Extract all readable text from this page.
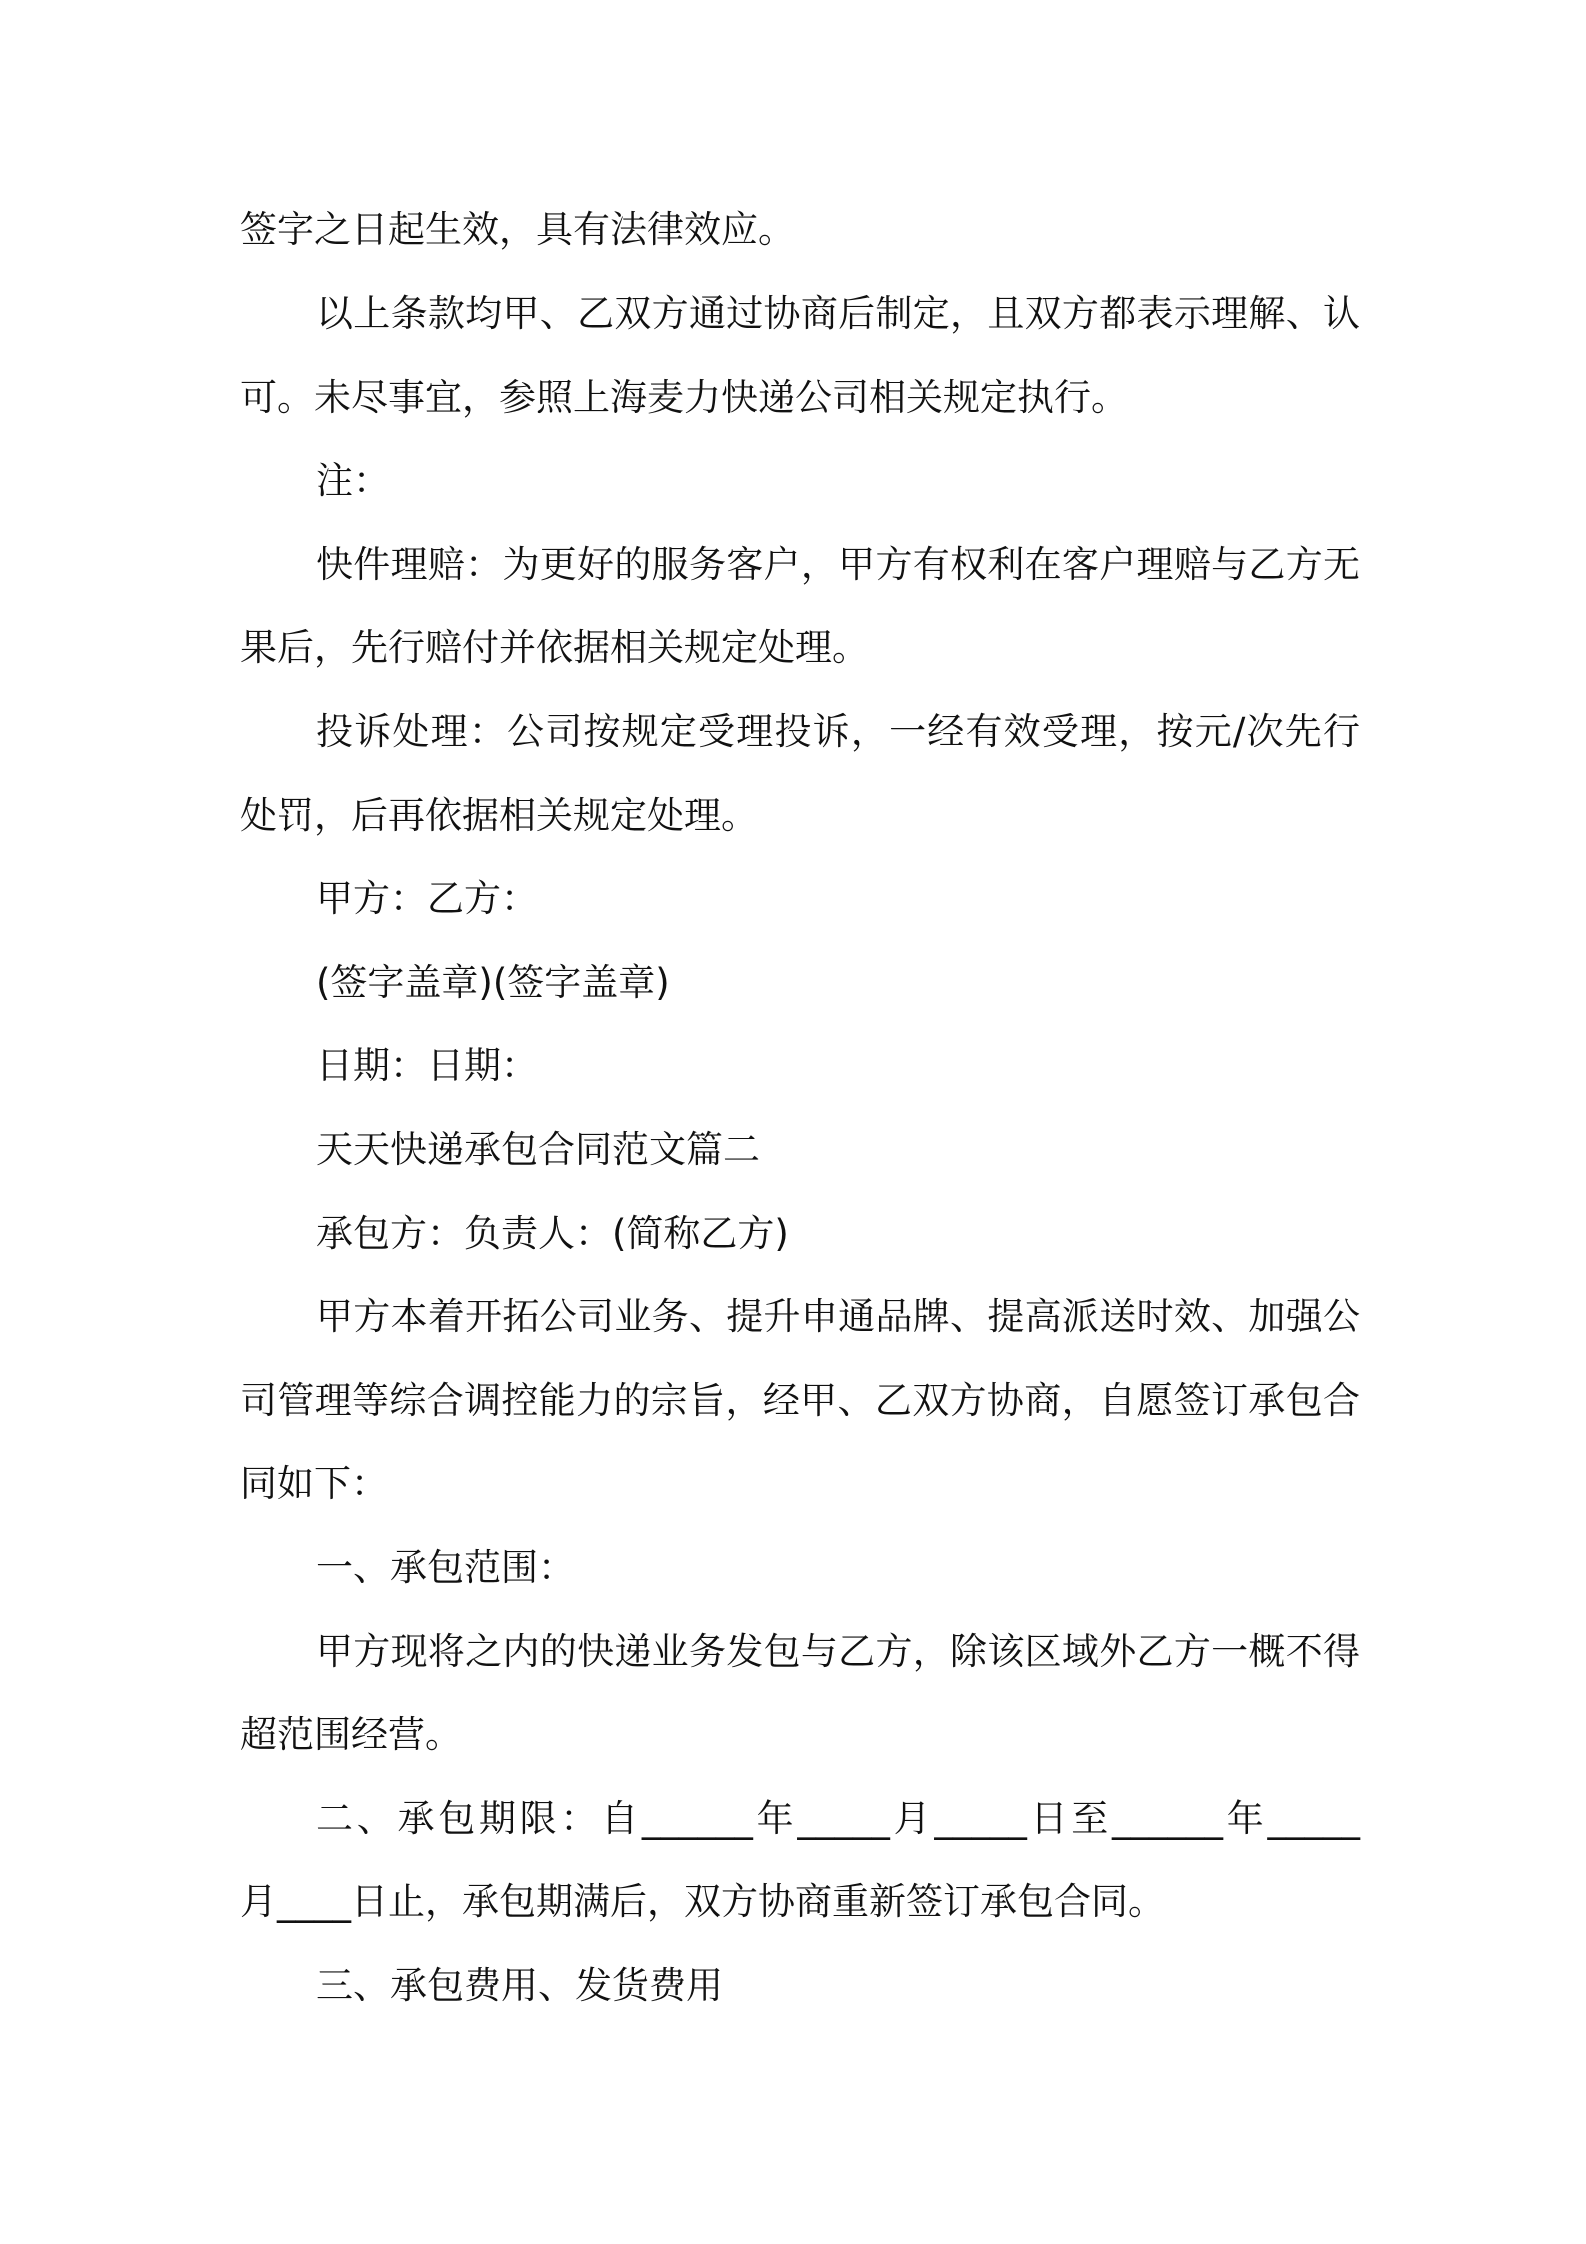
签字之日起生效，具有法律效应。
以上条款均甲、乙双方通过协商后制定，且双方都表示理解、认
可。未尽事宜，参照上海麦力快递公司相关规定执行。
注：
快件理赔：为更好的服务客户，甲方有权利在客户理赔与乙方无
果后，先行赔付并依据相关规定处理。
投诉处理：公司按规定受理投诉，一经有效受理，按元/次先行
处罚，后再依据相关规定处理。
甲方：乙方：
(签字盖章)(签字盖章)
日期：日期：
天天快递承包合同范文篇二
承包方：负责人：(简称乙方)
甲方本着开拓公司业务、提升申通品牌、提高派送时效、加强公
司管理等综合调控能力的宗旨，经甲、乙双方协商，自愿签订承包合
同如下：
一、承包范围：
甲方现将之内的快递业务发包与乙方，除该区域外乙方一概不得
超范围经营。
二、承包期限：自______年_____月_____日至______年_____
月____日止，承包期满后，双方协商重新签订承包合同。
三、承包费用、发货费用
